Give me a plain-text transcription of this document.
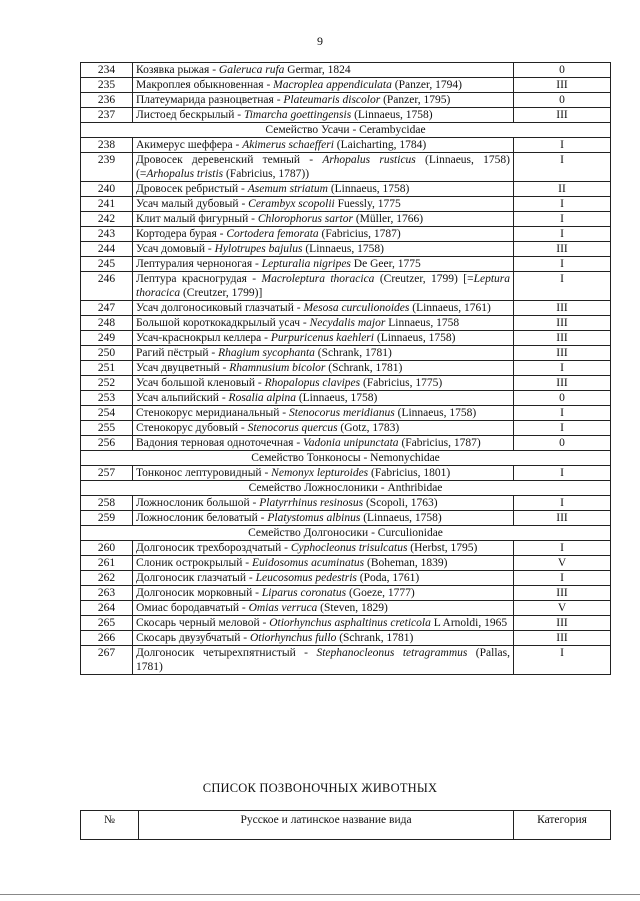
9
234	Козявка рыжая - Galeruca rufa Germar, 1824	0
235	Макроплея обыкновенная - Macroplea appendiculata (Panzer, 1794)	III
236	Платеумарида разноцветная - Plateumaris discolor (Panzer, 1795)	0
237	Листоед бескрылый - Timarcha goettingensis (Linnaeus, 1758)	III
Семейство Усачи - Cerambycidae		
238	Акимерус шеффера - Akimerus schaefferi (Laicharting, 1784)	I
239	Дровосек деревенский темный - Arhopalus rusticus (Linnaeus, 1758) (=Arhopalus tristis (Fabricius, 1787))	I
240	Дровосек ребристый - Asemum striatum (Linnaeus, 1758)	II
241	Усач малый дубовый - Cerambyx scopolii Fuessly, 1775	I
242	Клит малый фигурный - Chlorophorus sartor (Müller, 1766)	I
243	Кортодера бурая - Cortodera femorata (Fabricius, 1787)	I
244	Усач домовый - Hylotrupes bajulus (Linnaeus, 1758)	III
245	Лептуралия черноногая - Lepturalia nigripes De Geer, 1775	I
246	Лептура красногрудая - Macroleptura thoracica (Creutzer, 1799) [=Leptura thoracica (Creutzer, 1799)]	I
247	Усач долгоносиковый глазчатый - Mesosa curculionoides (Linnaeus, 1761)	III
248	Большой короткокадкрылый усач - Necydalis major Linnaeus, 1758	III
249	Усач-краснокрыл келлера - Purpuricenus kaehleri (Linnaeus, 1758)	III
250	Рагий пёстрый - Rhagium sycophanta (Schrank, 1781)	III
251	Усач двуцветный - Rhamnusium bicolor (Schrank, 1781)	I
252	Усач большой кленовый - Rhopalopus clavipes (Fabricius, 1775)	III
253	Усач альпийский - Rosalia alpina (Linnaeus, 1758)	0
254	Стенокорус меридианальный - Stenocorus meridianus (Linnaeus, 1758)	I
255	Стенокорус дубовый - Stenocorus quercus (Gotz, 1783)	I
256	Вадония терновая одноточечная - Vadonia unipunctata (Fabricius, 1787)	0
Семейство Тонконосы - Nemonychidae		
257	Тонконос лептуровидный - Nemonyx lepturoides (Fabricius, 1801)	I
Семейство Ложнослоники - Anthribidae		
258	Ложнослоник большой - Platyrrhinus resinosus (Scopoli, 1763)	I
259	Ложнослоник беловатый - Platystomus albinus (Linnaeus, 1758)	III
Семейство Долгоносики - Curculionidae		
260	Долгоносик трехбороздчатый - Cyphocleonus trisulcatus (Herbst, 1795)	I
261	Слоник острокрылый - Euidosomus acuminatus (Boheman, 1839)	V
262	Долгоносик глазчатый - Leucosomus pedestris (Poda, 1761)	I
263	Долгоносик морковный - Liparus coronatus (Goeze, 1777)	III
264	Омиас бородавчатый - Omias verruca (Steven, 1829)	V
265	Скосарь черный меловой - Otiorhynchus asphaltinus creticola L Arnoldi, 1965	III
266	Скосарь двузубчатый - Otiorhynchus fullo (Schrank, 1781)	III
267	Долгоносик четырехпятнистый - Stephanocleonus tetragrammus (Pallas, 1781)	I
СПИСОК ПОЗВОНОЧНЫХ ЖИВОТНЫХ
№	Русское и латинское название вида	Категория
